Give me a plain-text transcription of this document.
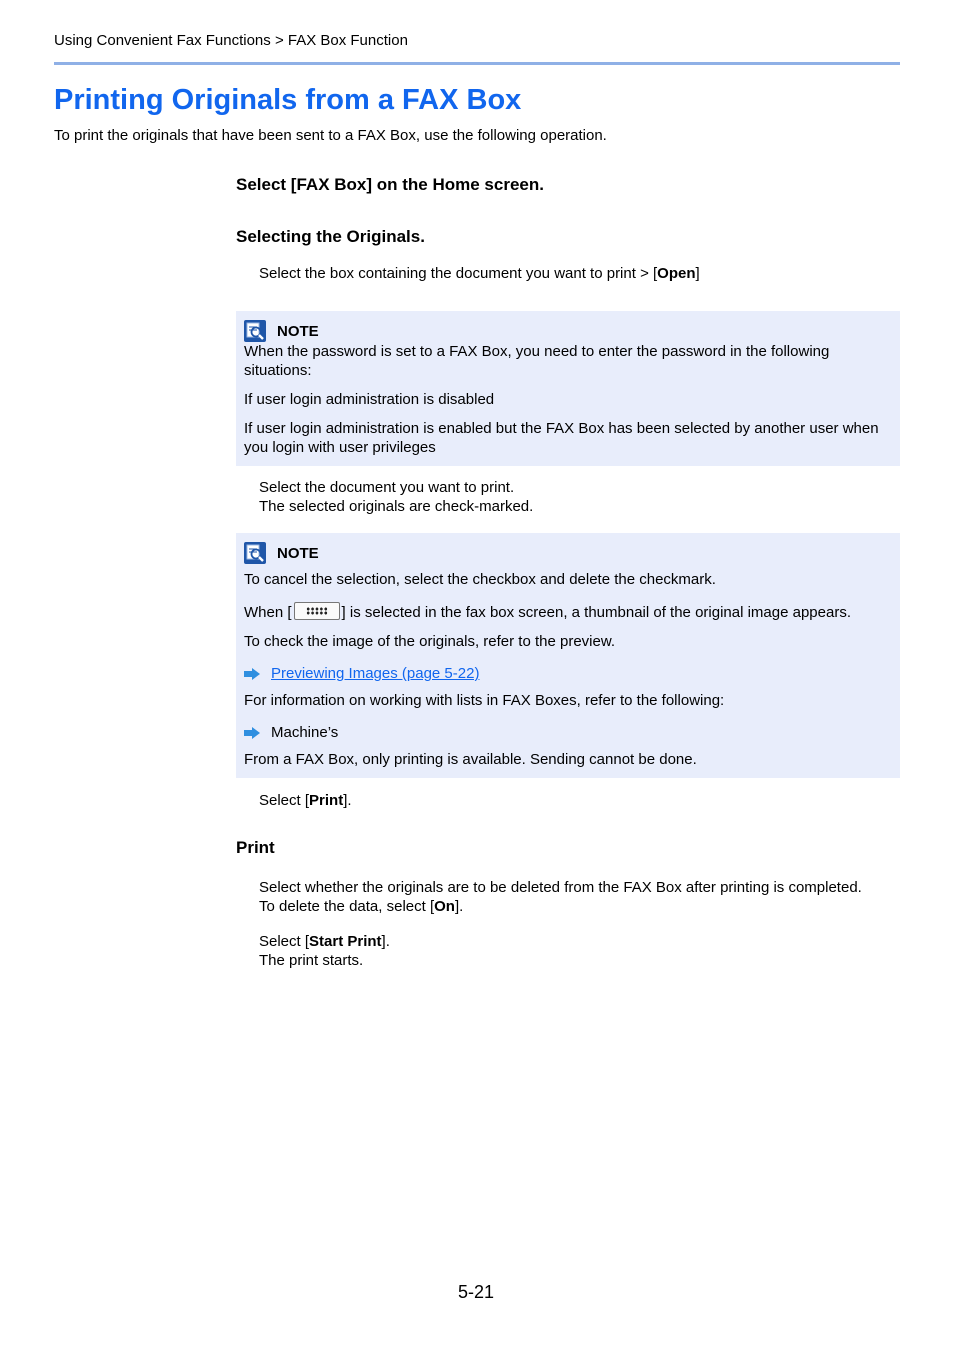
Using Convenient Fax Functions > FAX Box Function
Printing Originals from a FAX Box
To print the originals that have been sent to a FAX Box, use the following operation.
Select [FAX Box] on the Home screen.
Selecting the Originals.
Select the box containing the document you want to print > [Open]
NOTE

When the password is set to a FAX Box, you need to enter the password in the following situations:

If user login administration is disabled

If user login administration is enabled but the FAX Box has been selected by another user when you login with user privileges

Select the document you want to print.
The selected originals are check-marked.
NOTE

To cancel the selection, select the checkbox and delete the checkmark.

When [	] is selected in the fax box screen, a thumbnail of the original image appears.

To check the image of the originals, refer to the preview.

Previewing Images (page 5-22)

For information on working with lists in FAX Boxes, refer to the following:

Machine’s

From a FAX Box, only printing is available. Sending cannot be done.

Select [Print].
Print
Select whether the originals are to be deleted from the FAX Box after printing is completed.
To delete the data, select [On].
Select [Start Print].
The print starts.
5-21
